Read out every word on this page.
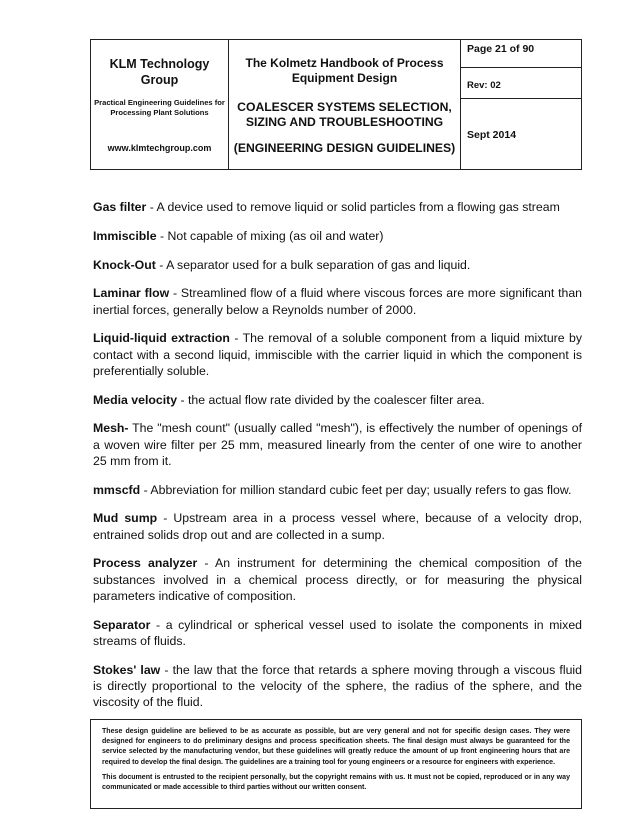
KLM Technology Group
Practical Engineering Guidelines for Processing Plant Solutions
www.klmtechgroup.com
The Kolmetz Handbook of Process Equipment Design
COALESCER SYSTEMS SELECTION, SIZING AND TROUBLESHOOTING
(ENGINEERING DESIGN GUIDELINES)
Page 21 of 90
Rev: 02
Sept 2014

Gas filter - A device used to remove liquid or solid particles from a flowing gas stream

Immiscible - Not capable of mixing (as oil and water)

Knock-Out - A separator used for a bulk separation of gas and liquid.

Laminar flow - Streamlined flow of a fluid where viscous forces are more significant than inertial forces, generally below a Reynolds number of 2000.

Liquid-liquid extraction - The removal of a soluble component from a liquid mixture by contact with a second liquid, immiscible with the carrier liquid in which the component is preferentially soluble.

Media velocity - the actual flow rate divided by the coalescer filter area.

Mesh- The "mesh count" (usually called "mesh"), is effectively the number of openings of a woven wire filter per 25 mm, measured linearly from the center of one wire to another 25 mm from it.

mmscfd - Abbreviation for million standard cubic feet per day; usually refers to gas flow.

Mud sump - Upstream area in a process vessel where, because of a velocity drop, entrained solids drop out and are collected in a sump.

Process analyzer - An instrument for determining the chemical composition of the substances involved in a chemical process directly, or for measuring the physical parameters indicative of composition.

Separator - a cylindrical or spherical vessel used to isolate the components in mixed streams of fluids.

Stokes' law - the law that the force that retards a sphere moving through a viscous fluid is directly proportional to the velocity of the sphere, the radius of the sphere, and the viscosity of the fluid.

These design guideline are believed to be as accurate as possible, but are very general and not for specific design cases. They were designed for engineers to do preliminary designs and process specification sheets. The final design must always be guaranteed for the service selected by the manufacturing vendor, but these guidelines will greatly reduce the amount of up front engineering hours that are required to develop the final design. The guidelines are a training tool for young engineers or a resource for engineers with experience.

This document is entrusted to the recipient personally, but the copyright remains with us. It must not be copied, reproduced or in any way communicated or made accessible to third parties without our written consent.
